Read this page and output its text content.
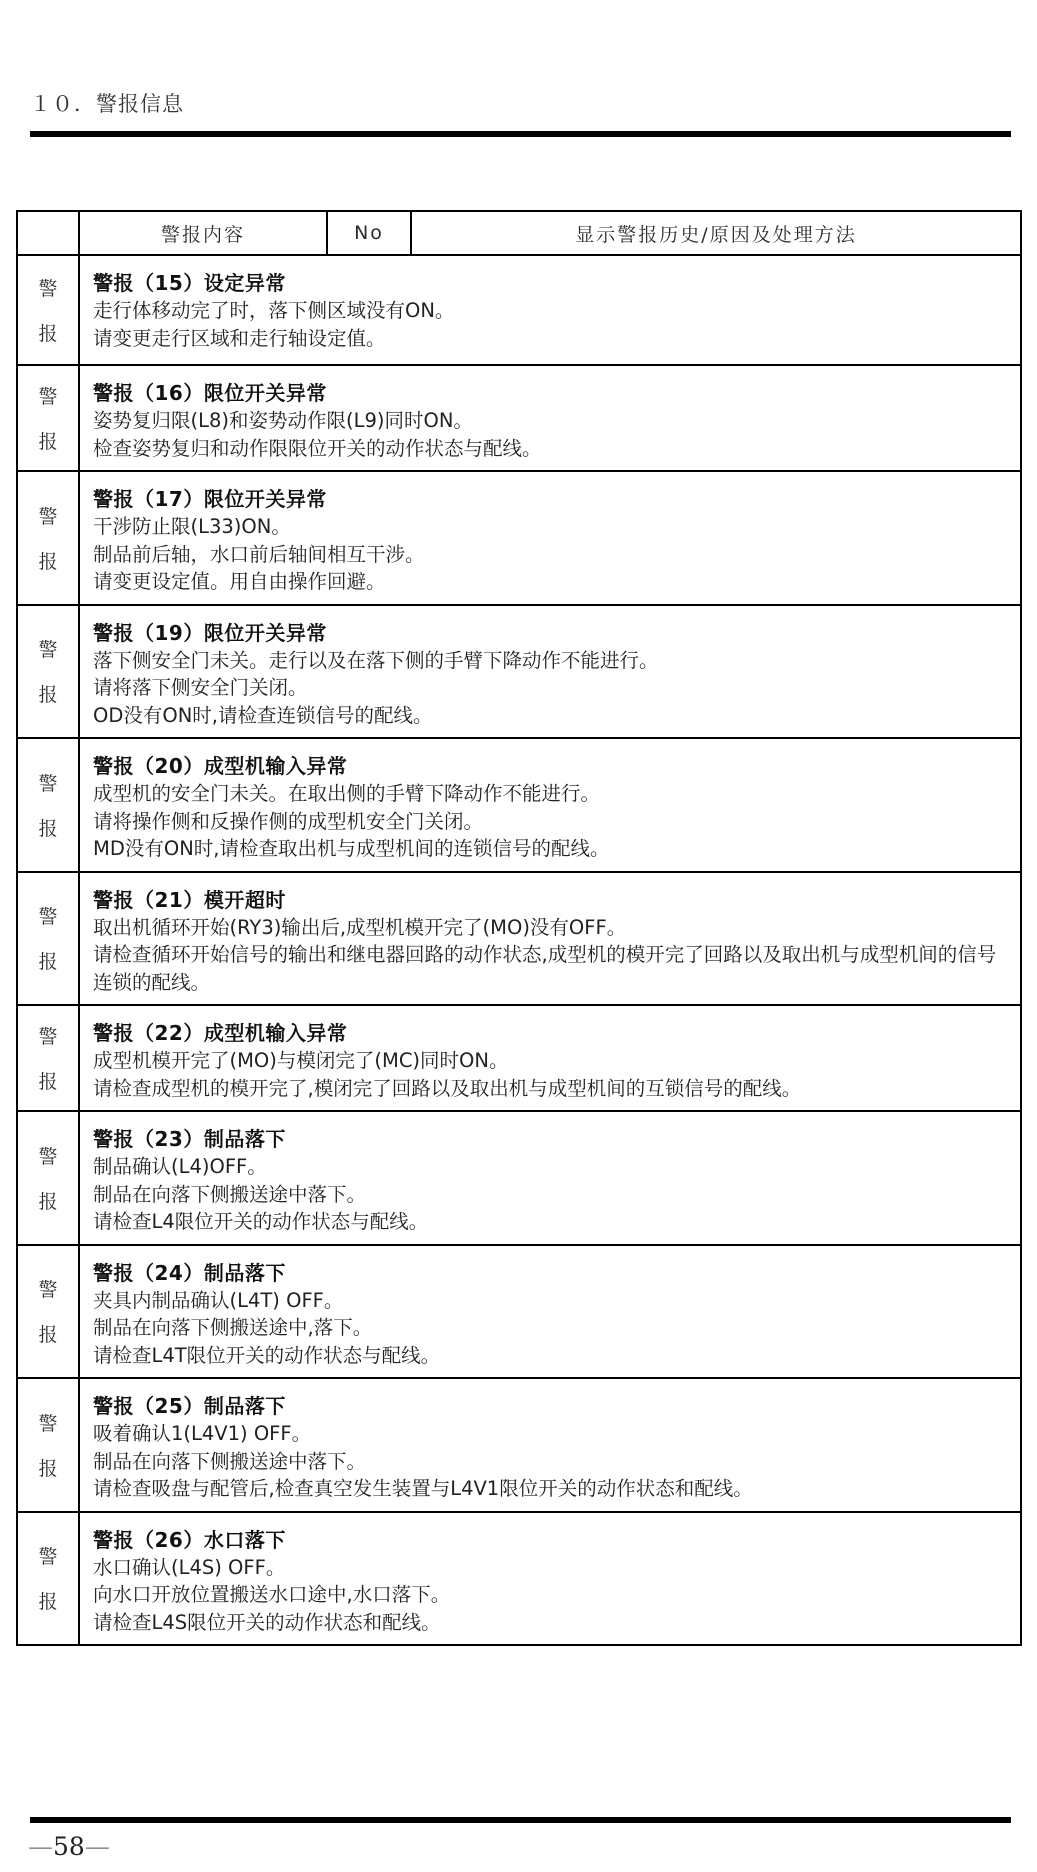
１０．警报信息
警报内容	No	显示警报历史/原因及处理方法
警
报
警报（15）设定异常
走行体移动完了时，落下侧区域没有ON。
请变更走行区域和走行轴设定值。
警
报
警报（16）限位开关异常
姿势复归限(L8)和姿势动作限(L9)同时ON。
检查姿势复归和动作限限位开关的动作状态与配线。
警
报
警报（17）限位开关异常
干涉防止限(L33)ON。
制品前后轴，水口前后轴间相互干涉。
请变更设定值。用自由操作回避。
警
报
警报（19）限位开关异常
落下侧安全门未关。走行以及在落下侧的手臂下降动作不能进行。
请将落下侧安全门关闭。
OD没有ON时,请检查连锁信号的配线。
警
报
警报（20）成型机输入异常
成型机的安全门未关。在取出侧的手臂下降动作不能进行。
请将操作侧和反操作侧的成型机安全门关闭。
MD没有ON时,请检查取出机与成型机间的连锁信号的配线。
警
报
警报（21）模开超时
取出机循环开始(RY3)输出后,成型机模开完了(MO)没有OFF。
请检查循环开始信号的输出和继电器回路的动作状态,成型机的模开完了回路以及取出机与成型机间的信号连锁的配线。
警
报
警报（22）成型机输入异常
成型机模开完了(MO)与模闭完了(MC)同时ON。
请检查成型机的模开完了,模闭完了回路以及取出机与成型机间的互锁信号的配线。
警
报
警报（23）制品落下
制品确认(L4)OFF。
制品在向落下侧搬送途中落下。
请检查L4限位开关的动作状态与配线。
警
报
警报（24）制品落下
夹具内制品确认(L4T) OFF。
制品在向落下侧搬送途中,落下。
请检查L4T限位开关的动作状态与配线。
警
报
警报（25）制品落下
吸着确认1(L4V1) OFF。
制品在向落下侧搬送途中落下。
请检查吸盘与配管后,检查真空发生装置与L4V1限位开关的动作状态和配线。
警
报
警报（26）水口落下
水口确认(L4S) OFF。
向水口开放位置搬送水口途中,水口落下。
请检查L4S限位开关的动作状态和配线。
—58—
